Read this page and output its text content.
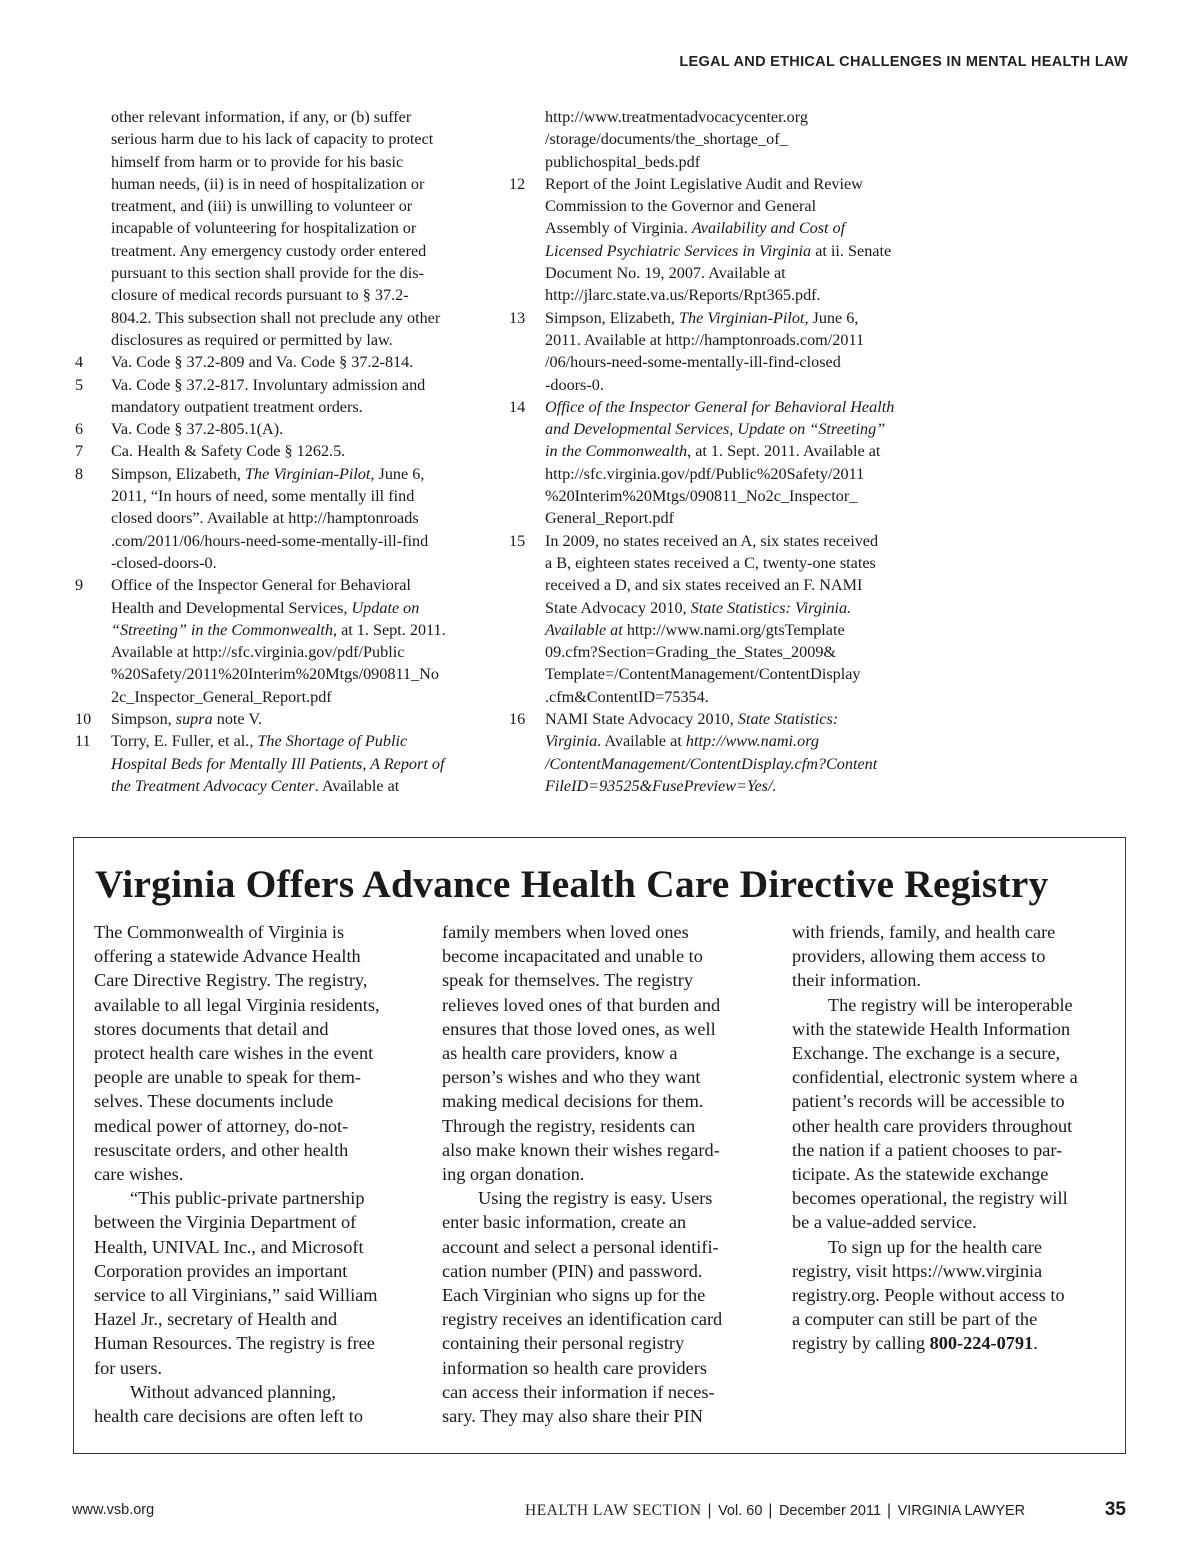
LEGAL AND ETHICAL CHALLENGES IN MENTAL HEALTH LAW
other relevant information, if any, or (b) suffer
serious harm due to his lack of capacity to protect
himself from harm or to provide for his basic
human needs, (ii) is in need of hospitalization or
treatment, and (iii) is unwilling to volunteer or
incapable of volunteering for hospitalization or
treatment. Any emergency custody order entered
pursuant to this section shall provide for the dis-
closure of medical records pursuant to § 37.2-
804.2. This subsection shall not preclude any other
disclosures as required or permitted by law.
4	Va. Code § 37.2-809 and Va. Code § 37.2-814.
5	Va. Code § 37.2-817. Involuntary admission and
mandatory outpatient treatment orders.
6	Va. Code § 37.2-805.1(A).
7	Ca. Health & Safety Code § 1262.5.
8	Simpson, Elizabeth, The Virginian-Pilot, June 6,
2011, “In hours of need, some mentally ill find
closed doors”. Available at http://hamptonroads
.com/2011/06/hours-need-some-mentally-ill-find
-closed-doors-0.
9	Office of the Inspector General for Behavioral
Health and Developmental Services, Update on
“Streeting” in the Commonwealth, at 1. Sept. 2011.
Available at http://sfc.virginia.gov/pdf/Public
%20Safety/2011%20Interim%20Mtgs/090811_No
2c_Inspector_General_Report.pdf
10	Simpson, supra note V.
11	Torry, E. Fuller, et al., The Shortage of Public
Hospital Beds for Mentally Ill Patients, A Report of
the Treatment Advocacy Center. Available at
http://www.treatmentadvocacycenter.org
/storage/documents/the_shortage_of_
publichospital_beds.pdf
12	Report of the Joint Legislative Audit and Review
Commission to the Governor and General
Assembly of Virginia. Availability and Cost of
Licensed Psychiatric Services in Virginia at ii. Senate
Document No. 19, 2007. Available at
http://jlarc.state.va.us/Reports/Rpt365.pdf.
13	Simpson, Elizabeth, The Virginian-Pilot, June 6,
2011. Available at http://hamptonroads.com/2011
/06/hours-need-some-mentally-ill-find-closed
-doors-0.
14	Office of the Inspector General for Behavioral Health
and Developmental Services, Update on “Streeting”
in the Commonwealth, at 1. Sept. 2011. Available at
http://sfc.virginia.gov/pdf/Public%20Safety/2011
%20Interim%20Mtgs/090811_No2c_Inspector_
General_Report.pdf
15	In 2009, no states received an A, six states received
a B, eighteen states received a C, twenty-one states
received a D, and six states received an F. NAMI
State Advocacy 2010, State Statistics: Virginia.
Available at http://www.nami.org/gtsTemplate
09.cfm?Section=Grading_the_States_2009&
Template=/ContentManagement/ContentDisplay
.cfm&ContentID=75354.
16	NAMI State Advocacy 2010, State Statistics:
Virginia. Available at http://www.nami.org
/ContentManagement/ContentDisplay.cfm?Content
FileID=93525&FusePreview=Yes/.
Virginia Offers Advance Health Care Directive Registry
The Commonwealth of Virginia is
offering a statewide Advance Health
Care Directive Registry. The registry,
available to all legal Virginia residents,
stores documents that detail and
protect health care wishes in the event
people are unable to speak for them-
selves. These documents include
medical power of attorney, do-not-
resuscitate orders, and other health
care wishes.
“This public-private partnership
between the Virginia Department of
Health, UNIVAL Inc., and Microsoft
Corporation provides an important
service to all Virginians,” said William
Hazel Jr., secretary of Health and
Human Resources. The registry is free
for users.
Without advanced planning,
health care decisions are often left to
family members when loved ones
become incapacitated and unable to
speak for themselves. The registry
relieves loved ones of that burden and
ensures that those loved ones, as well
as health care providers, know a
person’s wishes and who they want
making medical decisions for them.
Through the registry, residents can
also make known their wishes regard-
ing organ donation.
Using the registry is easy. Users
enter basic information, create an
account and select a personal identifi-
cation number (PIN) and password.
Each Virginian who signs up for the
registry receives an identification card
containing their personal registry
information so health care providers
can access their information if neces-
sary. They may also share their PIN
with friends, family, and health care
providers, allowing them access to
their information.
The registry will be interoperable
with the statewide Health Information
Exchange. The exchange is a secure,
confidential, electronic system where a
patient’s records will be accessible to
other health care providers throughout
the nation if a patient chooses to par-
ticipate. As the statewide exchange
becomes operational, the registry will
be a value-added service.
To sign up for the health care
registry, visit https://www.virginia
registry.org. People without access to
a computer can still be part of the
registry by calling 800-224-0791.
www.vsb.org	HEALTH LAW SECTION | Vol. 60 | December 2011 | VIRGINIA LAWYER	35
